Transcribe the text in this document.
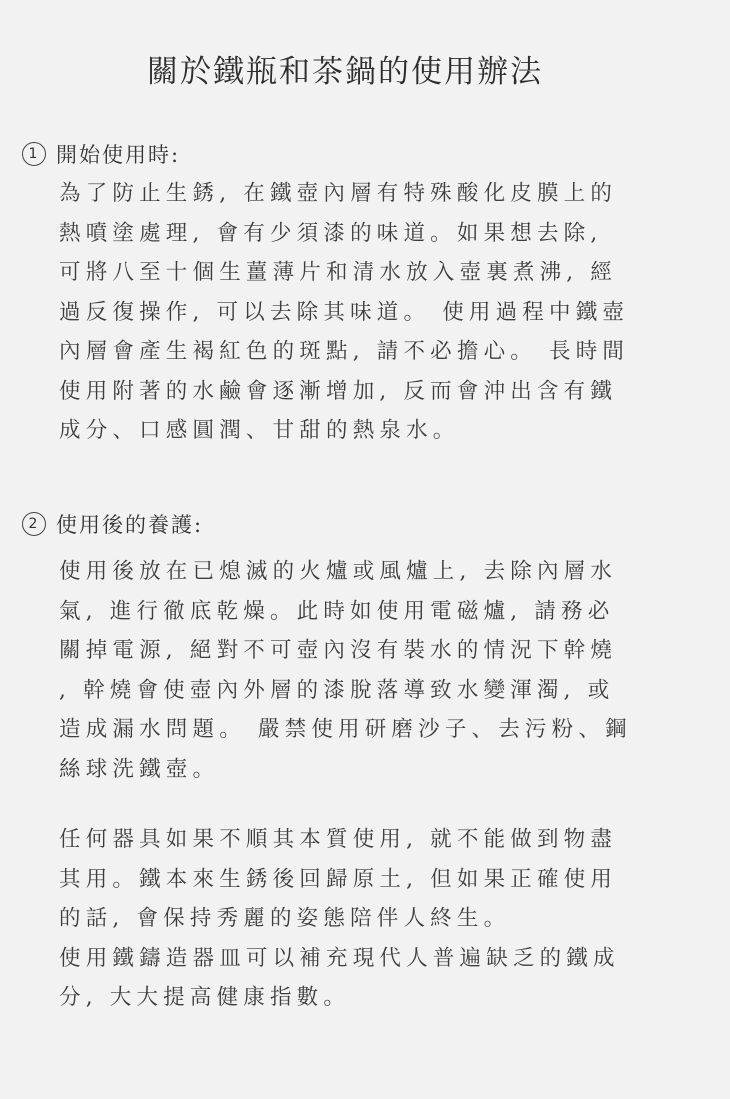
關於鐵瓶和茶鍋的使用辦法
1 開始使用時:
為了防止生銹, 在鐵壺內層有特殊酸化皮膜上的
熱噴塗處理, 會有少須漆的味道。如果想去除,
可將八至十個生薑薄片和清水放入壺裏煮沸, 經
過反復操作, 可以去除其味道。 使用過程中鐵壺
內層會產生褐紅色的斑點, 請不必擔心。 長時間
使用附著的水鹼會逐漸增加, 反而會沖出含有鐵
成分、口感圓潤、甘甜的熱泉水。
2 使用後的養護:
使用後放在已熄滅的火爐或風爐上, 去除內層水
氣, 進行徹底乾燥。此時如使用電磁爐, 請務必
關掉電源, 絕對不可壺內沒有裝水的情況下幹燒
, 幹燒會使壺內外層的漆脫落導致水變渾濁, 或
造成漏水問題。 嚴禁使用研磨沙子、去污粉、鋼
絲球洗鐵壺。
任何器具如果不順其本質使用, 就不能做到物盡
其用。鐵本來生銹後回歸原土, 但如果正確使用
的話, 會保持秀麗的姿態陪伴人終生。
使用鐵鑄造器皿可以補充現代人普遍缺乏的鐵成
分, 大大提高健康指數。
